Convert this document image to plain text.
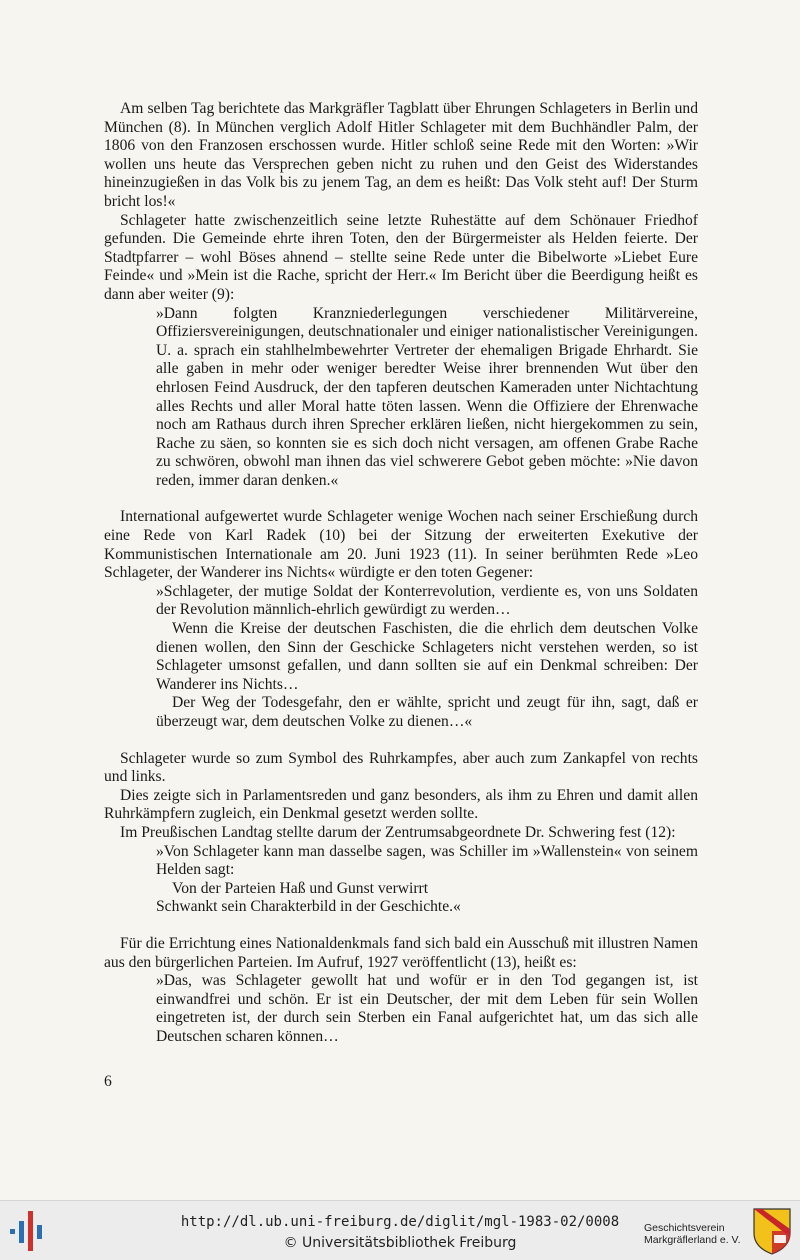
Am selben Tag berichtete das Markgräfler Tagblatt über Ehrungen Schlageters in Berlin und München (8). In München verglich Adolf Hitler Schlageter mit dem Buchhändler Palm, der 1806 von den Franzosen erschossen wurde. Hitler schloß seine Rede mit den Worten: »Wir wollen uns heute das Versprechen geben nicht zu ruhen und den Geist des Widerstandes hineinzugießen in das Volk bis zu jenem Tag, an dem es heißt: Das Volk steht auf! Der Sturm bricht los!«

Schlageter hatte zwischenzeitlich seine letzte Ruhestätte auf dem Schönauer Friedhof gefunden. Die Gemeinde ehrte ihren Toten, den der Bürgermeister als Helden feierte. Der Stadtpfarrer – wohl Böses ahnend – stellte seine Rede unter die Bibelworte »Liebet Eure Feinde« und »Mein ist die Rache, spricht der Herr.« Im Bericht über die Beerdigung heißt es dann aber weiter (9):

»Dann folgten Kranzniederlegungen verschiedener Militärvereine, Offiziersvereinigungen, deutschnationaler und einiger nationalistischer Vereinigungen. U. a. sprach ein stahlhelmbewehrter Vertreter der ehemaligen Brigade Ehrhardt. Sie alle gaben in mehr oder weniger beredter Weise ihrer brennenden Wut über den ehrlosen Feind Ausdruck, der den tapferen deutschen Kameraden unter Nichtachtung alles Rechts und aller Moral hatte töten lassen. Wenn die Offiziere der Ehrenwache noch am Rathaus durch ihren Sprecher erklären ließen, nicht hiergekommen zu sein, Rache zu säen, so konnten sie es sich doch nicht versagen, am offenen Grabe Rache zu schwören, obwohl man ihnen das viel schwerere Gebot geben möchte: »Nie davon reden, immer daran denken.«

International aufgewertet wurde Schlageter wenige Wochen nach seiner Erschießung durch eine Rede von Karl Radek (10) bei der Sitzung der erweiterten Exekutive der Kommunistischen Internationale am 20. Juni 1923 (11). In seiner berühmten Rede »Leo Schlageter, der Wanderer ins Nichts« würdigte er den toten Gegener:

»Schlageter, der mutige Soldat der Konterrevolution, verdiente es, von uns Soldaten der Revolution männlich-ehrlich gewürdigt zu werden…

Wenn die Kreise der deutschen Faschisten, die die ehrlich dem deutschen Volke dienen wollen, den Sinn der Geschicke Schlageters nicht verstehen werden, so ist Schlageter umsonst gefallen, und dann sollten sie auf ein Denkmal schreiben: Der Wanderer ins Nichts…

Der Weg der Todesgefahr, den er wählte, spricht und zeugt für ihn, sagt, daß er überzeugt war, dem deutschen Volke zu dienen…«

Schlageter wurde so zum Symbol des Ruhrkampfes, aber auch zum Zankapfel von rechts und links.

Dies zeigte sich in Parlamentsreden und ganz besonders, als ihm zu Ehren und damit allen Ruhrkämpfern zugleich, ein Denkmal gesetzt werden sollte.

Im Preußischen Landtag stellte darum der Zentrumsabgeordnete Dr. Schwering fest (12):

»Von Schlageter kann man dasselbe sagen, was Schiller im »Wallenstein« von seinem Helden sagt:

Von der Parteien Haß und Gunst verwirrt

Schwankt sein Charakterbild in der Geschichte.«

Für die Errichtung eines Nationaldenkmals fand sich bald ein Ausschuß mit illustren Namen aus den bürgerlichen Parteien. Im Aufruf, 1927 veröffentlicht (13), heißt es:

»Das, was Schlageter gewollt hat und wofür er in den Tod gegangen ist, ist einwandfrei und schön. Er ist ein Deutscher, der mit dem Leben für sein Wollen eingetreten ist, der durch sein Sterben ein Fanal aufgerichtet hat, um das sich alle Deutschen scharen können…

6
http://dl.ub.uni-freiburg.de/diglit/mgl-1983-02/0008
© Universitätsbibliothek Freiburg
Geschichtsverein
Markgräflerland e. V.
